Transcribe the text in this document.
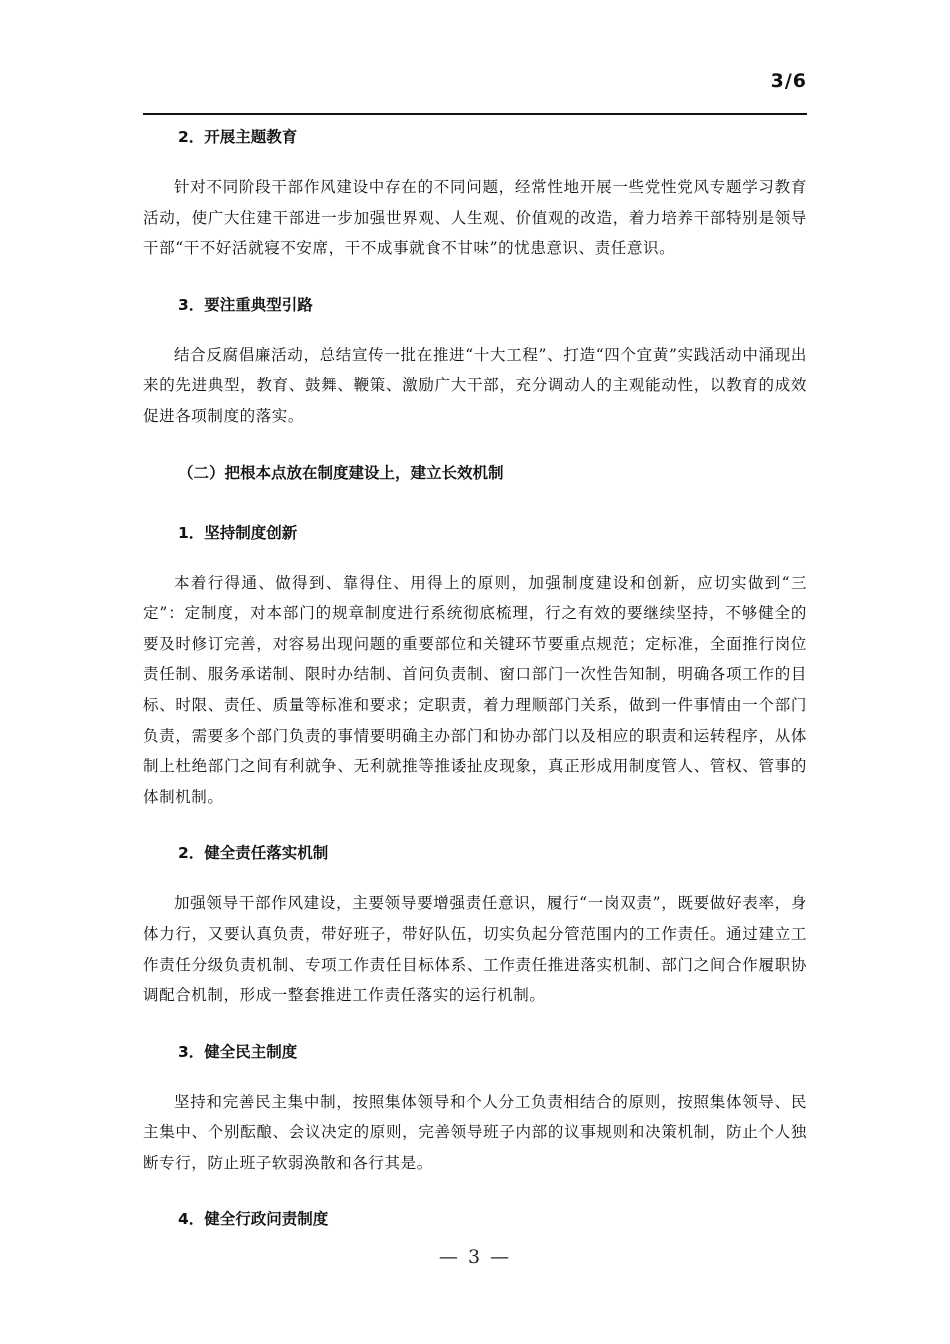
3/6
2．开展主题教育

针对不同阶段干部作风建设中存在的不同问题，经常性地开展一些党性党风专题学习教育活动，使广大住建干部进一步加强世界观、人生观、价值观的改造，着力培养干部特别是领导干部“干不好活就寝不安席，干不成事就食不甘味”的忧患意识、责任意识。

3．要注重典型引路

结合反腐倡廉活动，总结宣传一批在推进“十大工程”、打造“四个宜黄”实践活动中涌现出来的先进典型，教育、鼓舞、鞭策、激励广大干部，充分调动人的主观能动性，以教育的成效促进各项制度的落实。

（二）把根本点放在制度建设上，建立长效机制
1．坚持制度创新

本着行得通、做得到、靠得住、用得上的原则，加强制度建设和创新，应切实做到“三定”：定制度，对本部门的规章制度进行系统彻底梳理，行之有效的要继续坚持，不够健全的要及时修订完善，对容易出现问题的重要部位和关键环节要重点规范；定标准，全面推行岗位责任制、服务承诺制、限时办结制、首问负责制、窗口部门一次性告知制，明确各项工作的目标、时限、责任、质量等标准和要求；定职责，着力理顺部门关系，做到一件事情由一个部门负责，需要多个部门负责的事情要明确主办部门和协办部门以及相应的职责和运转程序，从体制上杜绝部门之间有利就争、无利就推等推诿扯皮现象，真正形成用制度管人、管权、管事的体制机制。

2．健全责任落实机制

加强领导干部作风建设，主要领导要增强责任意识，履行“一岗双责”，既要做好表率，身体力行，又要认真负责，带好班子，带好队伍，切实负起分管范围内的工作责任。通过建立工作责任分级负责机制、专项工作责任目标体系、工作责任推进落实机制、部门之间合作履职协调配合机制，形成一整套推进工作责任落实的运行机制。

3．健全民主制度

坚持和完善民主集中制，按照集体领导和个人分工负责相结合的原则，按照集体领导、民主集中、个别酝酿、会议决定的原则，完善领导班子内部的议事规则和决策机制，防止个人独断专行，防止班子软弱涣散和各行其是。

4．健全行政问责制度
— 3 —
